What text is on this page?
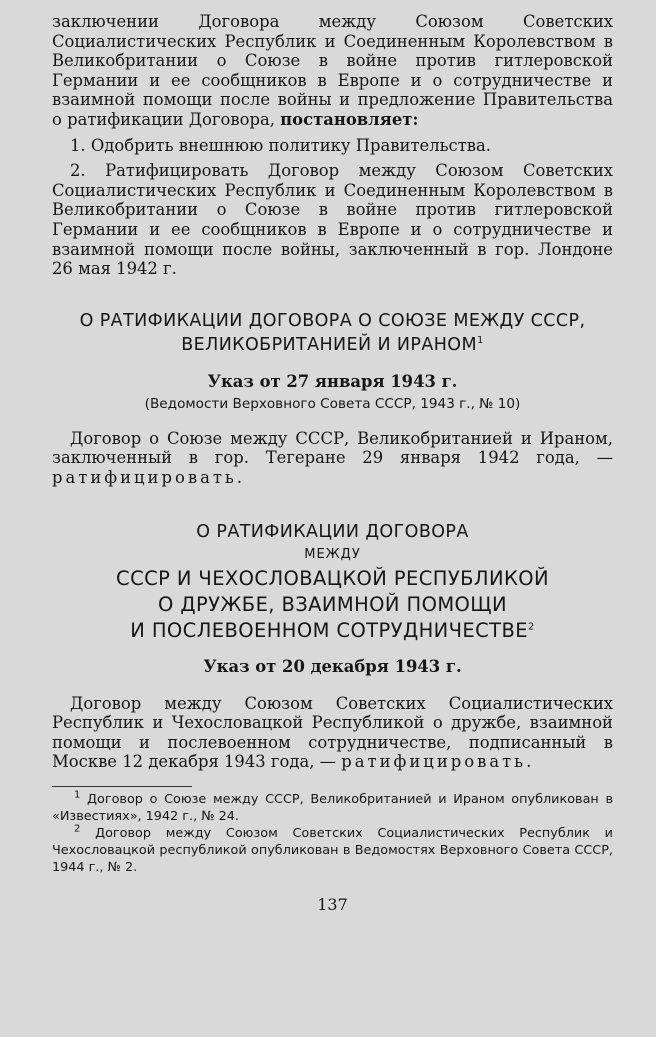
заключении Договора между Союзом Советских Социалистических Республик и Соединенным Королевством в Великобритании о Союзе в войне против гитлеровской Германии и ее сообщников в Европе и о сотрудничестве и взаимной помощи после войны и предложение Правительства о ратификации Договора, постановляет:

1. Одобрить внешнюю политику Правительства.

2. Ратифицировать Договор между Союзом Советских Социалистических Республик и Соединенным Королевством в Великобритании о Союзе в войне против гитлеровской Германии и ее сообщников в Европе и о сотрудничестве и взаимной помощи после войны, заключенный в гор. Лондоне 26 мая 1942 г.

О РАТИФИКАЦИИ ДОГОВОРА О СОЮЗЕ МЕЖДУ СССР,

ВЕЛИКОБРИТАНИЕЙ И ИРАНОМ$^1$

Указ от 27 января 1943 г.

(Ведомости Верховного Совета СССР, 1943 г., № 10)

Договор о Союзе между СССР, Великобританией и Ираном, заключенный в гор. Тегеране 29 января 1942 года, — ратифицировать.

О РАТИФИКАЦИИ ДОГОВОРА

МЕЖДУ

СССР И ЧЕХОСЛОВАЦКОЙ РЕСПУБЛИКОЙ

О ДРУЖБЕ, ВЗАИМНОЙ ПОМОЩИ

И ПОСЛЕВОЕННОМ СОТРУДНИЧЕСТВЕ$^2$

Указ от 20 декабря 1943 г.

Договор между Союзом Советских Социалистических Республик и Чехословацкой Республикой о дружбе, взаимной помощи и послевоенном сотрудничестве, подписанный в Москве 12 декабря 1943 года, — ратифицировать.

$^1$ Договор о Союзе между СССР, Великобританией и Ираном опубликован в «Известиях», 1942 г., № 24.

$^2$ Договор между Союзом Советских Социалистических Республик и Чехословацкой республикой опубликован в Ведомостях Верховного Совета СССР, 1944 г., № 2.

137
